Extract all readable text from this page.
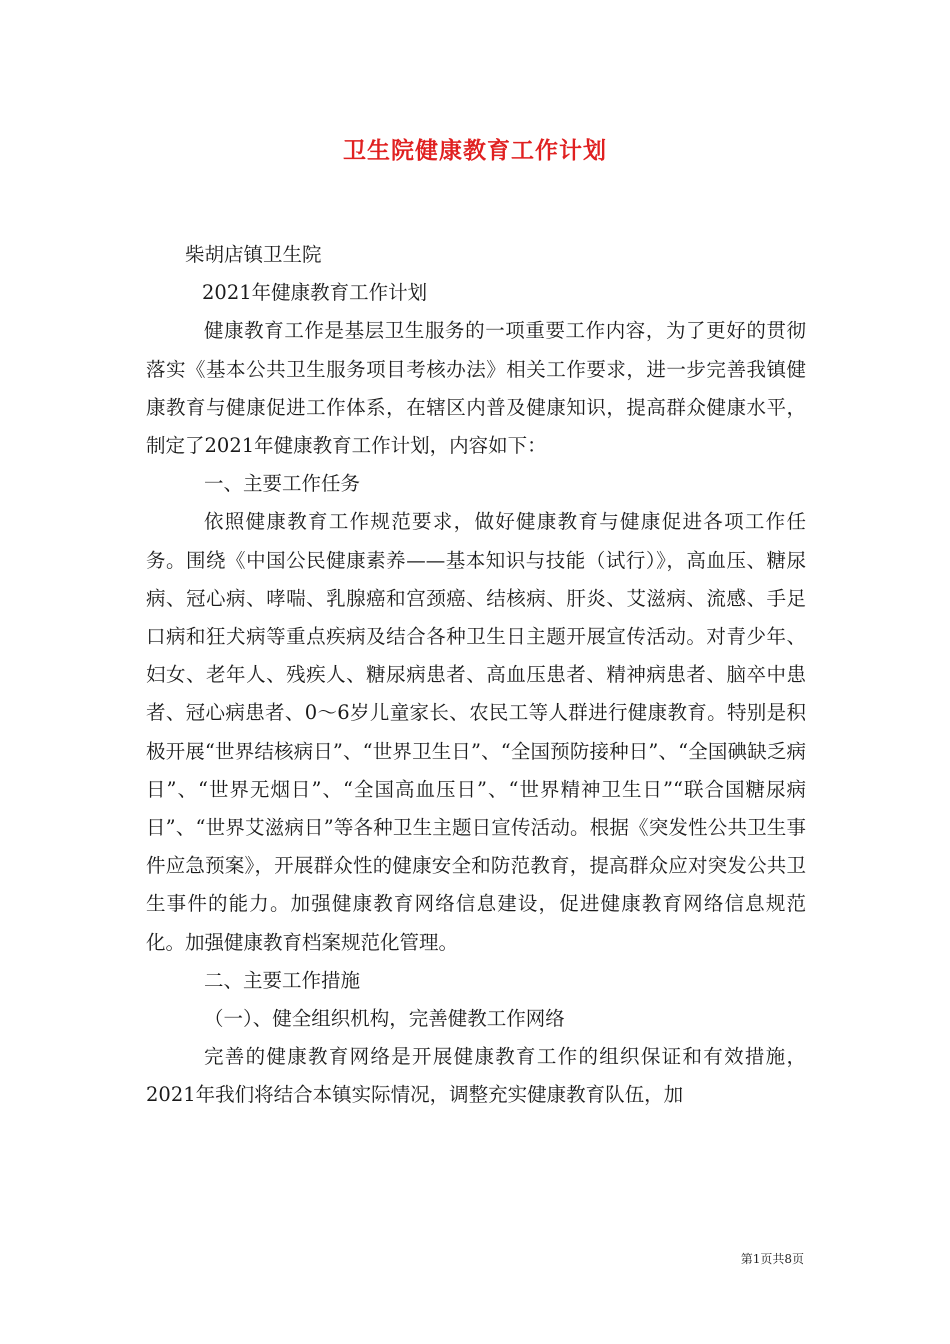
卫生院健康教育工作计划

柴胡店镇卫生院

2021年健康教育工作计划

健康教育工作是基层卫生服务的一项重要工作内容，为了更好的贯彻落实《基本公共卫生服务项目考核办法》相关工作要求，进一步完善我镇健康教育与健康促进工作体系，在辖区内普及健康知识，提高群众健康水平，制定了2021年健康教育工作计划，内容如下：

一、主要工作任务

依照健康教育工作规范要求，做好健康教育与健康促进各项工作任务。围绕《中国公民健康素养——基本知识与技能（试行）》，高血压、糖尿病、冠心病、哮喘、乳腺癌和宫颈癌、结核病、肝炎、艾滋病、流感、手足口病和狂犬病等重点疾病及结合各种卫生日主题开展宣传活动。对青少年、妇女、老年人、残疾人、糖尿病患者、高血压患者、精神病患者、脑卒中患者、冠心病患者、0～6岁儿童家长、农民工等人群进行健康教育。特别是积极开展“世界结核病日”、“世界卫生日”、“全国预防接种日”、“全国碘缺乏病日”、“世界无烟日”、“全国高血压日”、“世界精神卫生日”“联合国糖尿病日”、“世界艾滋病日”等各种卫生主题日宣传活动。根据《突发性公共卫生事件应急预案》，开展群众性的健康安全和防范教育，提高群众应对突发公共卫生事件的能力。加强健康教育网络信息建设，促进健康教育网络信息规范化。加强健康教育档案规范化管理。

二、主要工作措施

（一）、健全组织机构，完善健教工作网络

完善的健康教育网络是开展健康教育工作的组织保证和有效措施，2021年我们将结合本镇实际情况，调整充实健康教育队伍，加

第1页共8页
